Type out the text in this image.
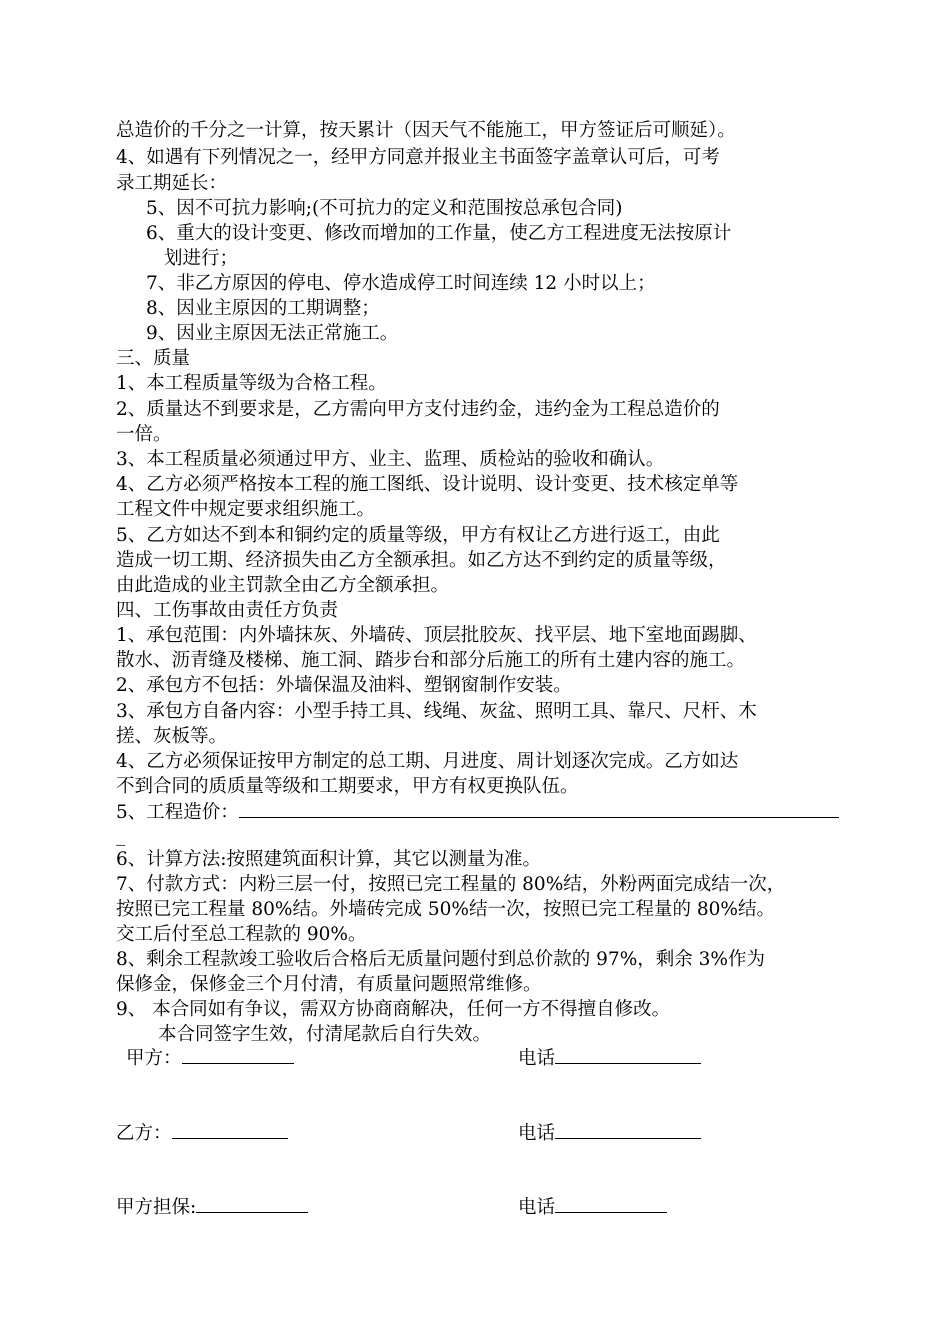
总造价的千分之一计算，按天累计（因天气不能施工，甲方签证后可顺延）。

4、如遇有下列情况之一，经甲方同意并报业主书面签字盖章认可后，可考

录工期延长：

5、因不可抗力影响;(不可抗力的定义和范围按总承包合同)

6、重大的设计变更、修改而增加的工作量，使乙方工程进度无法按原计

划进行；

7、非乙方原因的停电、停水造成停工时间连续 12 小时以上；

8、因业主原因的工期调整；

9、因业主原因无法正常施工。

三、质量

1、本工程质量等级为合格工程。

2、质量达不到要求是，乙方需向甲方支付违约金，违约金为工程总造价的

一倍。

3、本工程质量必须通过甲方、业主、监理、质检站的验收和确认。

4、乙方必须严格按本工程的施工图纸、设计说明、设计变更、技术核定单等

工程文件中规定要求组织施工。

5、乙方如达不到本和铜约定的质量等级，甲方有权让乙方进行返工，由此

造成一切工期、经济损失由乙方全额承担。如乙方达不到约定的质量等级，

由此造成的业主罚款全由乙方全额承担。

四、工伤事故由责任方负责

1、承包范围：内外墙抹灰、外墙砖、顶层批胶灰、找平层、地下室地面踢脚、

散水、沥青缝及楼梯、施工洞、踏步台和部分后施工的所有土建内容的施工。

2、承包方不包括：外墙保温及油料、塑钢窗制作安装。

3、承包方自备内容：小型手持工具、线绳、灰盆、照明工具、靠尺、尺杆、木

搓、灰板等。

4、乙方必须保证按甲方制定的总工期、月进度、周计划逐次完成。乙方如达

不到合同的质质量等级和工期要求，甲方有权更换队伍。

5、工程造价：

_

6、计算方法:按照建筑面积计算，其它以测量为准。

7、付款方式：内粉三层一付，按照已完工程量的 80%结，外粉两面完成结一次，

按照已完工程量 80%结。外墙砖完成 50%结一次，按照已完工程量的 80%结。

交工后付至总工程款的 90%。

8、剩余工程款竣工验收后合格后无质量问题付到总价款的 97%，剩余 3%作为

保修金，保修金三个月付清，有质量问题照常维修。

9、 本合同如有争议，需双方协商商解决，任何一方不得擅自修改。

本合同签字生效，付清尾款后自行失效。

甲方：	电话

乙方：	电话

甲方担保:	电话
